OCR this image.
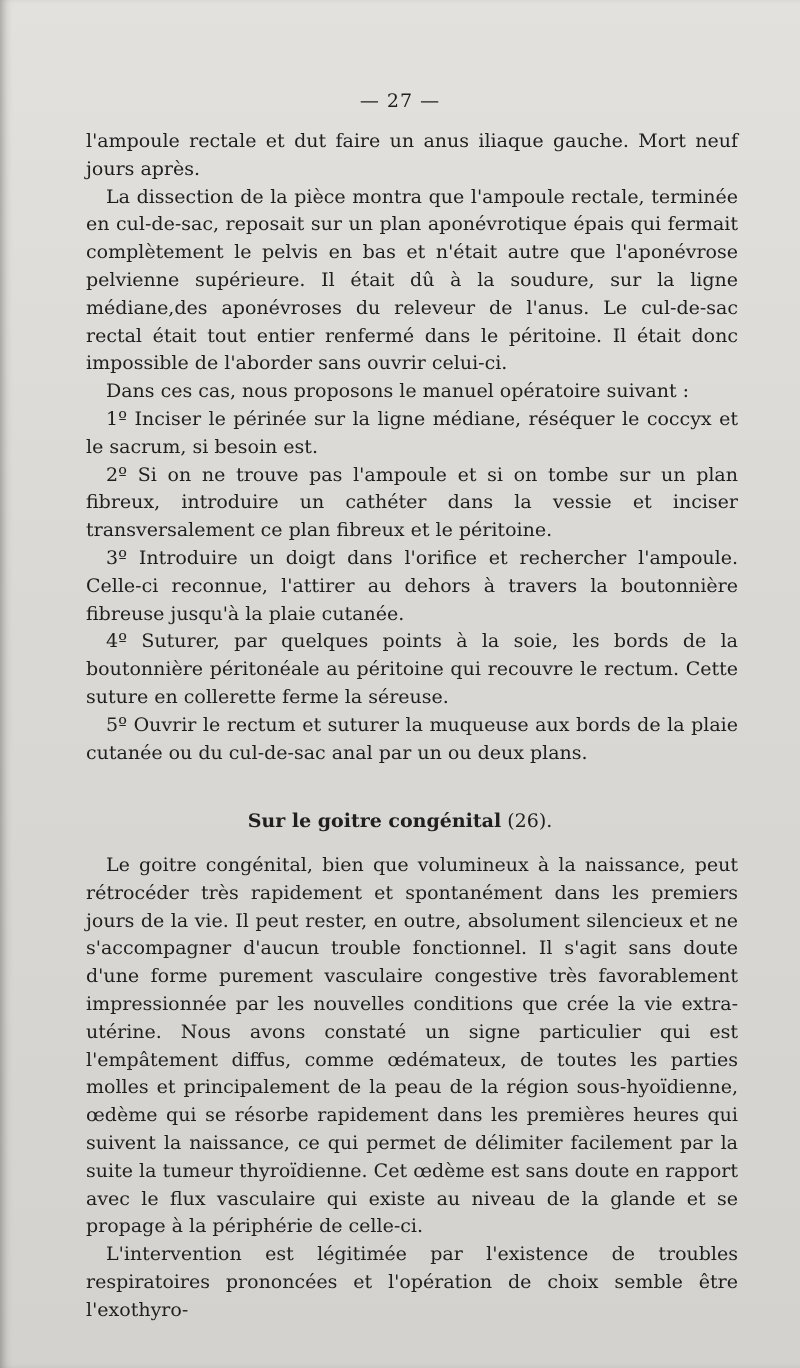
— 27 —

l'ampoule rectale et dut faire un anus iliaque gauche. Mort neuf jours après.

La dissection de la pièce montra que l'ampoule rectale, terminée en cul-de-sac, reposait sur un plan aponévrotique épais qui fermait complètement le pelvis en bas et n'était autre que l'aponévrose pelvienne supérieure. Il était dû à la soudure, sur la ligne médiane,des aponévroses du releveur de l'anus. Le cul-de-sac rectal était tout entier renfermé dans le péritoine. Il était donc impossible de l'aborder sans ouvrir celui-ci.

Dans ces cas, nous proposons le manuel opératoire suivant :

1º Inciser le périnée sur la ligne médiane, réséquer le coccyx et le sacrum, si besoin est.

2º Si on ne trouve pas l'ampoule et si on tombe sur un plan fibreux, introduire un cathéter dans la vessie et inciser transversalement ce plan fibreux et le péritoine.

3º Introduire un doigt dans l'orifice et rechercher l'ampoule. Celle-ci reconnue, l'attirer au dehors à travers la boutonnière fibreuse jusqu'à la plaie cutanée.

4º Suturer, par quelques points à la soie, les bords de la boutonnière péritonéale au péritoine qui recouvre le rectum. Cette suture en collerette ferme la séreuse.

5º Ouvrir le rectum et suturer la muqueuse aux bords de la plaie cutanée ou du cul-de-sac anal par un ou deux plans.

Sur le goitre congénital (26).

Le goitre congénital, bien que volumineux à la naissance, peut rétrocéder très rapidement et spontanément dans les premiers jours de la vie. Il peut rester, en outre, absolument silencieux et ne s'accompagner d'aucun trouble fonctionnel. Il s'agit sans doute d'une forme purement vasculaire congestive très favorablement impressionnée par les nouvelles conditions que crée la vie extra-utérine. Nous avons constaté un signe particulier qui est l'empâtement diffus, comme œdémateux, de toutes les parties molles et principalement de la peau de la région sous-hyoïdienne, œdème qui se résorbe rapidement dans les premières heures qui suivent la naissance, ce qui permet de délimiter facilement par la suite la tumeur thyroïdienne. Cet œdème est sans doute en rapport avec le flux vasculaire qui existe au niveau de la glande et se propage à la périphérie de celle-ci.

L'intervention est légitimée par l'existence de troubles respiratoires prononcées et l'opération de choix semble être l'exothyro-
